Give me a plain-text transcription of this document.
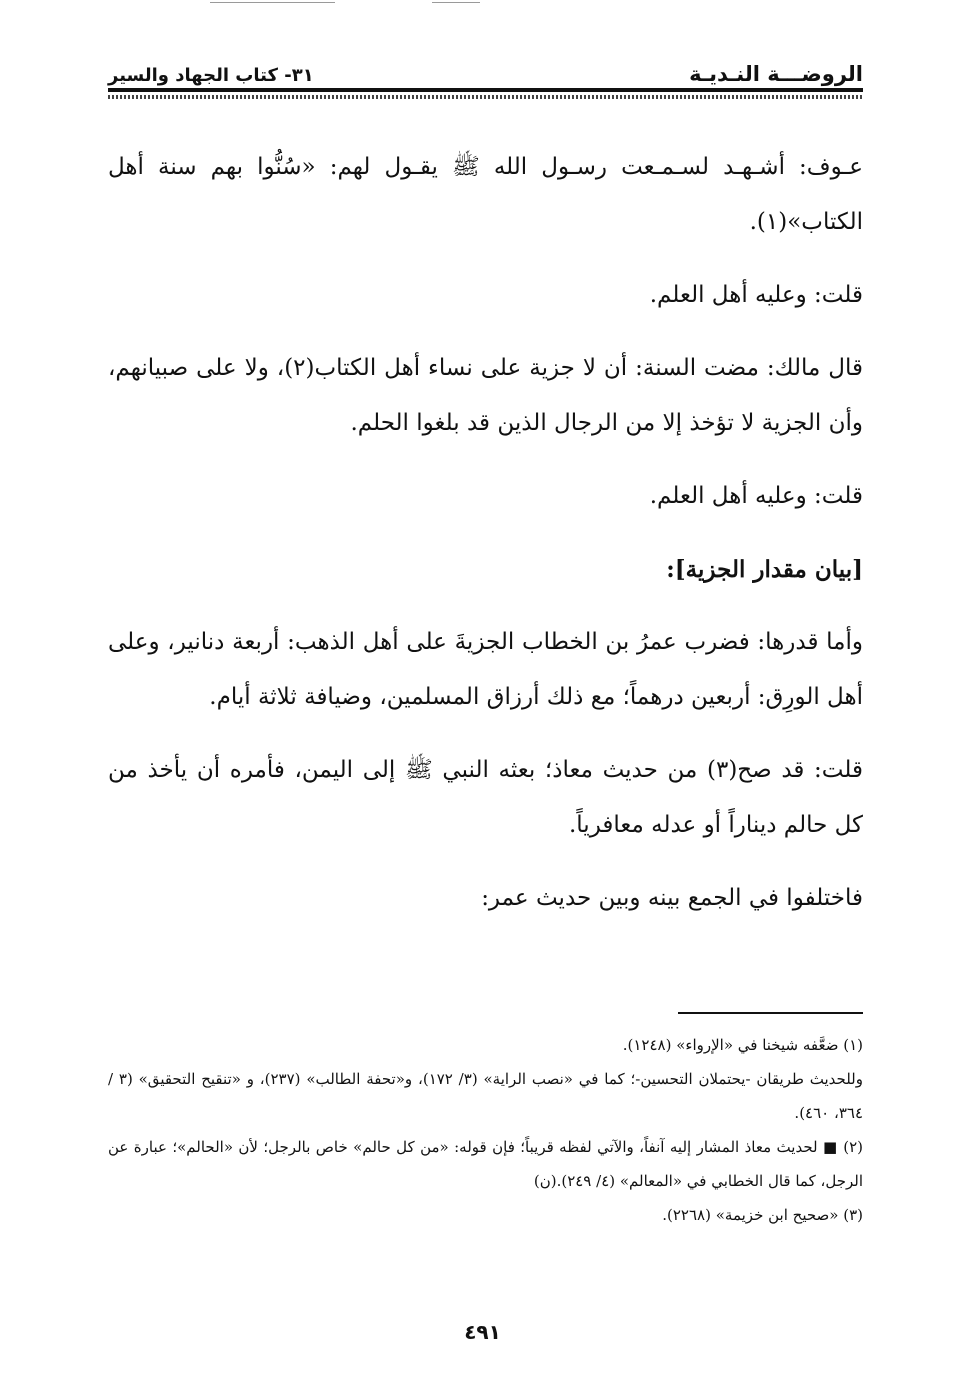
الروضـــة النـديـة
٣١- كتاب الجهاد والسير

عـوف: أشـهـد لسـمـعت رسـول الله ﷺ يقـول لهم: «سُنُّوا بهم سنة أهل الكتاب»(١).

قلت: وعليه أهل العلم.

قال مالك: مضت السنة: أن لا جزية على نساء أهل الكتاب(٢)، ولا على صبيانهم، وأن الجزية لا تؤخذ إلا من الرجال الذين قد بلغوا الحلم.

قلت: وعليه أهل العلم.

[بيان مقدار الجزية]:

وأما قدرها: فضرب عمرُ بن الخطاب الجزيةَ على أهل الذهب: أربعة دنانير، وعلى أهل الورِق: أربعين درهماً؛ مع ذلك أرزاق المسلمين، وضيافة ثلاثة أيام.

قلت: قد صح(٣) من حديث معاذ؛ بعثه النبي ﷺ إلى اليمن، فأمره أن يأخذ من كل حالم ديناراً أو عدله معافرياً.

فاختلفوا في الجمع بينه وبين حديث عمر:

(١) ضعَّفه شيخنا في «الإرواء» (١٢٤٨).

وللحديث طريقان -يحتملان التحسين-؛ كما في «نصب الراية» (٣/ ١٧٢)، و«تحفة الطالب» (٢٣٧)، و «تنقيح التحقيق» (٣ / ٣٦٤، ٤٦٠).

(٢) ■ لحديث معاذ المشار إليه آنفاً، والآتي لفظه قريباً؛ فإن قوله: «من كل حالم» خاص بالرجل؛ لأن «الحالم»؛ عبارة عن الرجل، كما قال الخطابي في «المعالم» (٤/ ٢٤٩).(ن)

(٣) «صحيح ابن خزيمة» (٢٢٦٨).

٤٩١
